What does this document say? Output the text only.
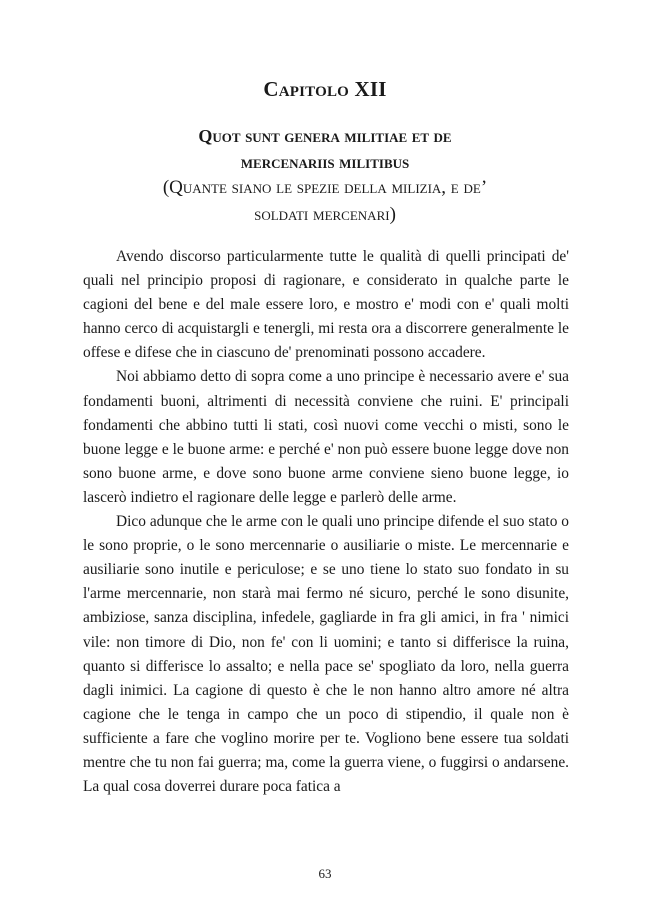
Capitolo XII
Quot sunt genera militiae et de
mercenariis militibus
(Quante siano le spezie della milizia, e de’
soldati mercenari)

Avendo discorso particularmente tutte le qualità di quelli principati de' quali nel principio proposi di ragionare, e considerato in qualche parte le cagioni del bene e del male essere loro, e mostro e' modi con e' quali molti hanno cerco di acquistargli e tenergli, mi resta ora a discorrere generalmente le offese e difese che in ciascuno de' prenominati possono accadere.

Noi abbiamo detto di sopra come a uno principe è necessario avere e' sua fondamenti buoni, altrimenti di necessità conviene che ruini. E' principali fondamenti che abbino tutti li stati, così nuovi come vecchi o misti, sono le buone legge e le buone arme: e perché e' non può essere buone legge dove non sono buone arme, e dove sono buone arme conviene sieno buone legge, io lascerò indietro el ragionare delle legge e parlerò delle arme.

Dico adunque che le arme con le quali uno principe difende el suo stato o le sono proprie, o le sono mercennarie o ausiliarie o miste. Le mercennarie e ausiliarie sono inutile e periculose; e se uno tiene lo stato suo fondato in su l'arme mercennarie, non starà mai fermo né sicuro, perché le sono disunite, ambiziose, sanza disciplina, infedele, gagliarde in fra gli amici, in fra ' nimici vile: non timore di Dio, non fe' con li uomini; e tanto si differisce la ruina, quanto si differisce lo assalto; e nella pace se' spogliato da loro, nella guerra dagli inimici. La cagione di questo è che le non hanno altro amore né altra cagione che le tenga in campo che un poco di stipendio, il quale non è sufficiente a fare che voglino morire per te. Vogliono bene essere tua soldati mentre che tu non fai guerra; ma, come la guerra viene, o fuggirsi o andarsene. La qual cosa doverrei durare poca fatica a

63
